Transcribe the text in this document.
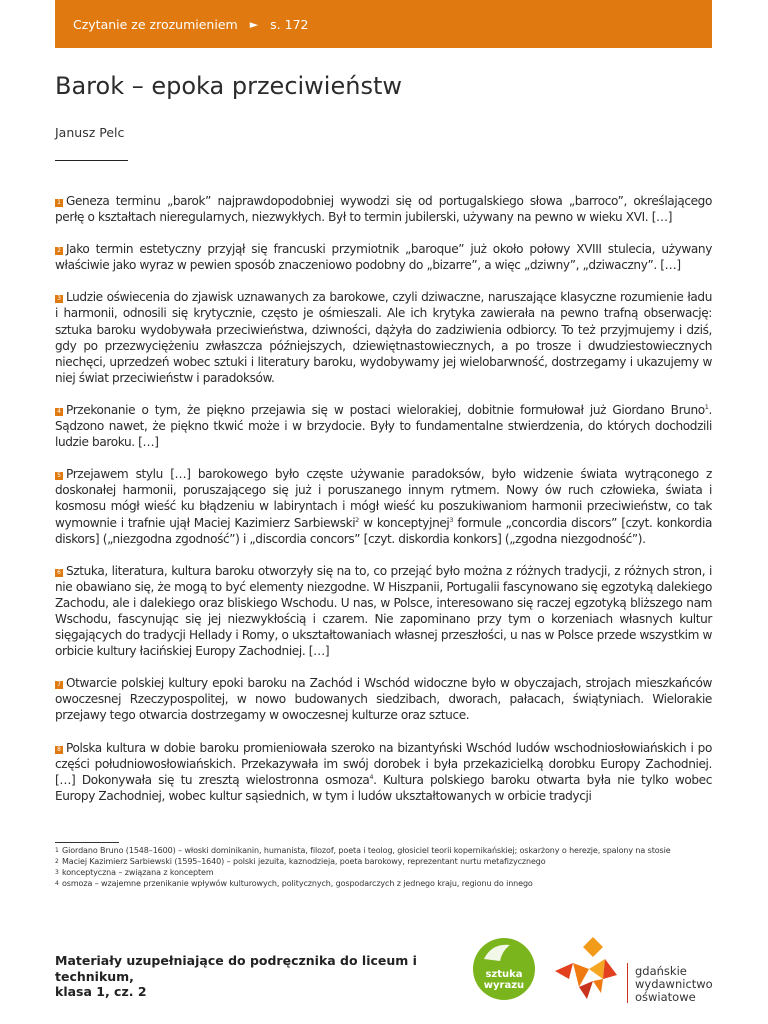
Czytanie ze zrozumieniem ► s. 172
Barok – epoka przeciwieństw
Janusz Pelc

1 Geneza terminu „barok” najprawdopodobniej wywodzi się od portugalskiego słowa „barroco”, określającego perłę o kształtach nieregularnych, niezwykłych. Był to termin jubilerski, używany na pewno w wieku XVI. […]

2 Jako termin estetyczny przyjął się francuski przymiotnik „baroque” już około połowy XVIII stulecia, używany właściwie jako wyraz w pewien sposób znaczeniowo podobny do „bizarre”, a więc „dziwny”, „dziwaczny”. […]

3 Ludzie oświecenia do zjawisk uznawanych za barokowe, czyli dziwaczne, naruszające klasyczne rozumienie ładu i harmonii, odnosili się krytycznie, często je ośmieszali. Ale ich krytyka zawierała na pewno trafną obserwację: sztuka baroku wydobywała przeciwieństwa, dziwności, dążyła do zadziwienia odbiorcy. To też przyjmujemy i dziś, gdy po przezwyciężeniu zwłaszcza późniejszych, dziewiętnastowiecznych, a po trosze i dwudziestowiecznych niechęci, uprzedzeń wobec sztuki i literatury baroku, wydobywamy jej wielobarwność, dostrzegamy i ukazujemy w niej świat przeciwieństw i paradoksów.

4 Przekonanie o tym, że piękno przejawia się w postaci wielorakiej, dobitnie formułował już Giordano Bruno$^1$. Sądzono nawet, że piękno tkwić może i w brzydocie. Były to fundamentalne stwierdzenia, do których dochodzili ludzie baroku. […]

5 Przejawem stylu […] barokowego było częste używanie paradoksów, było widzenie świata wytrąconego z doskonałej harmonii, poruszającego się już i poruszanego innym rytmem. Nowy ów ruch człowieka, świata i kosmosu mógł wieść ku błądzeniu w labiryntach i mógł wieść ku poszukiwaniom harmonii przeciwieństw, co tak wymownie i trafnie ujął Maciej Kazimierz Sarbiewski$^2$ w konceptyjnej$^3$ formule „concordia discors” [czyt. konkordia diskors] („niezgodna zgodność”) i „discordia concors” [czyt. diskordia konkors] („zgodna niezgodność”).

6 Sztuka, literatura, kultura baroku otworzyły się na to, co przejąć było można z różnych tradycji, z różnych stron, i nie obawiano się, że mogą to być elementy niezgodne. W Hiszpanii, Portugalii fascynowano się egzotyką dalekiego Zachodu, ale i dalekiego oraz bliskiego Wschodu. U nas, w Polsce, interesowano się raczej egzotyką bliższego nam Wschodu, fascynując się jej niezwykłością i czarem. Nie zapominano przy tym o korzeniach własnych kultur sięgających do tradycji Hellady i Romy, o ukształtowaniach własnej przeszłości, u nas w Polsce przede wszystkim w orbicie kultury łacińskiej Europy Zachodniej. […]

7 Otwarcie polskiej kultury epoki baroku na Zachód i Wschód widoczne było w obyczajach, strojach mieszkańców owoczesnej Rzeczypospolitej, w nowo budowanych siedzibach, dworach, pałacach, świątyniach. Wielorakie przejawy tego otwarcia dostrzegamy w owoczesnej kulturze oraz sztuce.

8 Polska kultura w dobie baroku promieniowała szeroko na bizantyński Wschód ludów wschodniosłowiańskich i po części południowosłowiańskich. Przekazywała im swój dorobek i była przekazicielką dorobku Europy Zachodniej. […] Dokonywała się tu zresztą wielostronna osmoza$^4$. Kultura polskiego baroku otwarta była nie tylko wobec Europy Zachodniej, wobec kultur sąsiednich, w tym i ludów ukształtowanych w orbicie tradycji

1 Giordano Bruno (1548–1600) – włoski dominikanin, humanista, filozof, poeta i teolog, głosiciel teorii kopernikańskiej; oskarżony o herezje, spalony na stosie
2 Maciej Kazimierz Sarbiewski (1595–1640) – polski jezuita, kaznodzieja, poeta barokowy, reprezentant nurtu metafizycznego
3 konceptyczna – związana z konceptem
4 osmoza – wzajemne przenikanie wpływów kulturowych, politycznych, gospodarczych z jednego kraju, regionu do innego
Materiały uzupełniające do podręcznika do liceum i technikum,
klasa 1, cz. 2
sztuka
wyrazu
gdańskie
wydawnictwo
oświatowe
